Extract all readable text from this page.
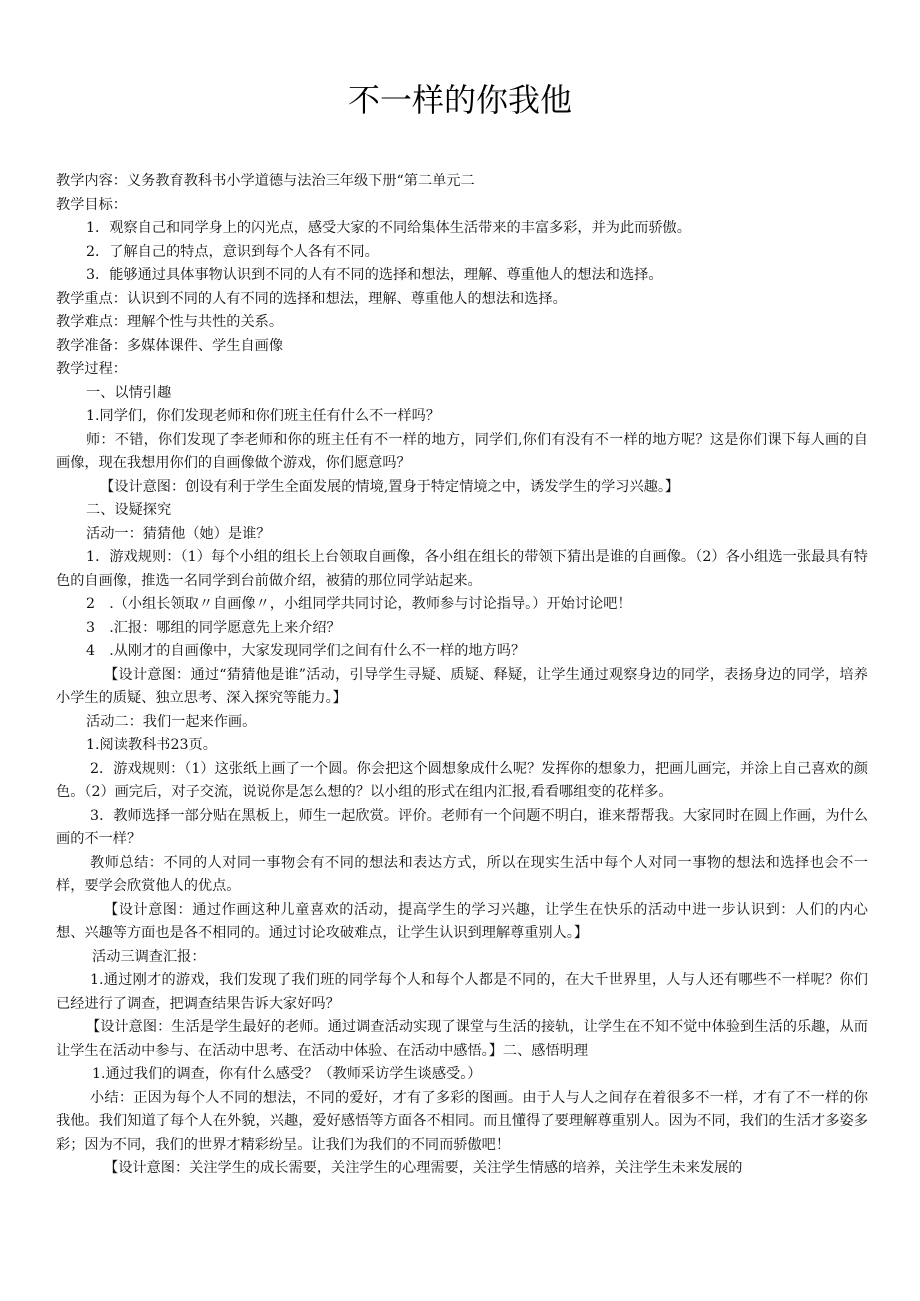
不一样的你我他

教学内容：义务教育教科书小学道德与法治三年级下册“第二单元二

教学目标：

1．观察自己和同学身上的闪光点，感受大家的不同给集体生活带来的丰富多彩，并为此而骄傲。

2．了解自己的特点，意识到每个人各有不同。

3．能够通过具体事物认识到不同的人有不同的选择和想法，理解、尊重他人的想法和选择。

教学重点：认识到不同的人有不同的选择和想法，理解、尊重他人的想法和选择。

教学难点：理解个性与共性的关系。

教学准备：多媒体课件、学生自画像

教学过程：

一、以情引趣

1.同学们，你们发现老师和你们班主任有什么不一样吗？

师：不错，你们发现了李老师和你的班主任有不一样的地方，同学们,你们有没有不一样的地方呢？这是你们课下每人画的自画像，现在我想用你们的自画像做个游戏，你们愿意吗？

【设计意图：创设有利于学生全面发展的情境,置身于特定情境之中，诱发学生的学习兴趣。】

二、设疑探究

活动一：猜猜他（她）是谁？

1．游戏规则：（1）每个小组的组长上台领取自画像，各小组在组长的带领下猜出是谁的自画像。（2）各小组选一张最具有特色的自画像，推选一名同学到台前做介绍，被猜的那位同学站起来。

2　.（小组长领取〃自画像〃，小组同学共同讨论，教师参与讨论指导。）开始讨论吧！

3　.汇报：哪组的同学愿意先上来介绍？

4　.从刚才的自画像中，大家发现同学们之间有什么不一样的地方吗？

【设计意图：通过“猜猜他是谁”活动，引导学生寻疑、质疑、释疑，让学生通过观察身边的同学，表扬身边的同学，培养小学生的质疑、独立思考、深入探究等能力。】

活动二：我们一起来作画。

1.阅读教科书23页。

2．游戏规则：（1）这张纸上画了一个圆。你会把这个圆想象成什么呢？发挥你的想象力，把画儿画完，并涂上自己喜欢的颜色。（2）画完后，对子交流，说说你是怎么想的？以小组的形式在组内汇报,看看哪组变的花样多。

3．教师选择一部分贴在黑板上，师生一起欣赏。评价。老师有一个问题不明白，谁来帮帮我。大家同时在圆上作画，为什么画的不一样？

教师总结：不同的人对同一事物会有不同的想法和表达方式，所以在现实生活中每个人对同一事物的想法和选择也会不一样，要学会欣赏他人的优点。

【设计意图：通过作画这种儿童喜欢的活动，提高学生的学习兴趣，让学生在快乐的活动中进一步认识到：人们的内心想、兴趣等方面也是各不相同的。通过讨论攻破难点，让学生认识到理解尊重别人。】

活动三调查汇报：

1.通过刚才的游戏，我们发现了我们班的同学每个人和每个人都是不同的，在大千世界里，人与人还有哪些不一样呢？你们已经进行了调查，把调查结果告诉大家好吗？

【设计意图：生活是学生最好的老师。通过调查活动实现了课堂与生活的接轨，让学生在不知不觉中体验到生活的乐趣，从而让学生在活动中参与、在活动中思考、在活动中体验、在活动中感悟。】二、感悟明理

1.通过我们的调查，你有什么感受？（教师采访学生谈感受。）

小结：正因为每个人不同的想法，不同的爱好，才有了多彩的图画。由于人与人之间存在着很多不一样，才有了不一样的你我他。我们知道了每个人在外貌，兴趣，爱好感悟等方面各不相同。而且懂得了要理解尊重别人。因为不同，我们的生活才多姿多彩；因为不同，我们的世界才精彩纷呈。让我们为我们的不同而骄傲吧！

【设计意图：关注学生的成长需要，关注学生的心理需要，关注学生情感的培养，关注学生未来发展的
